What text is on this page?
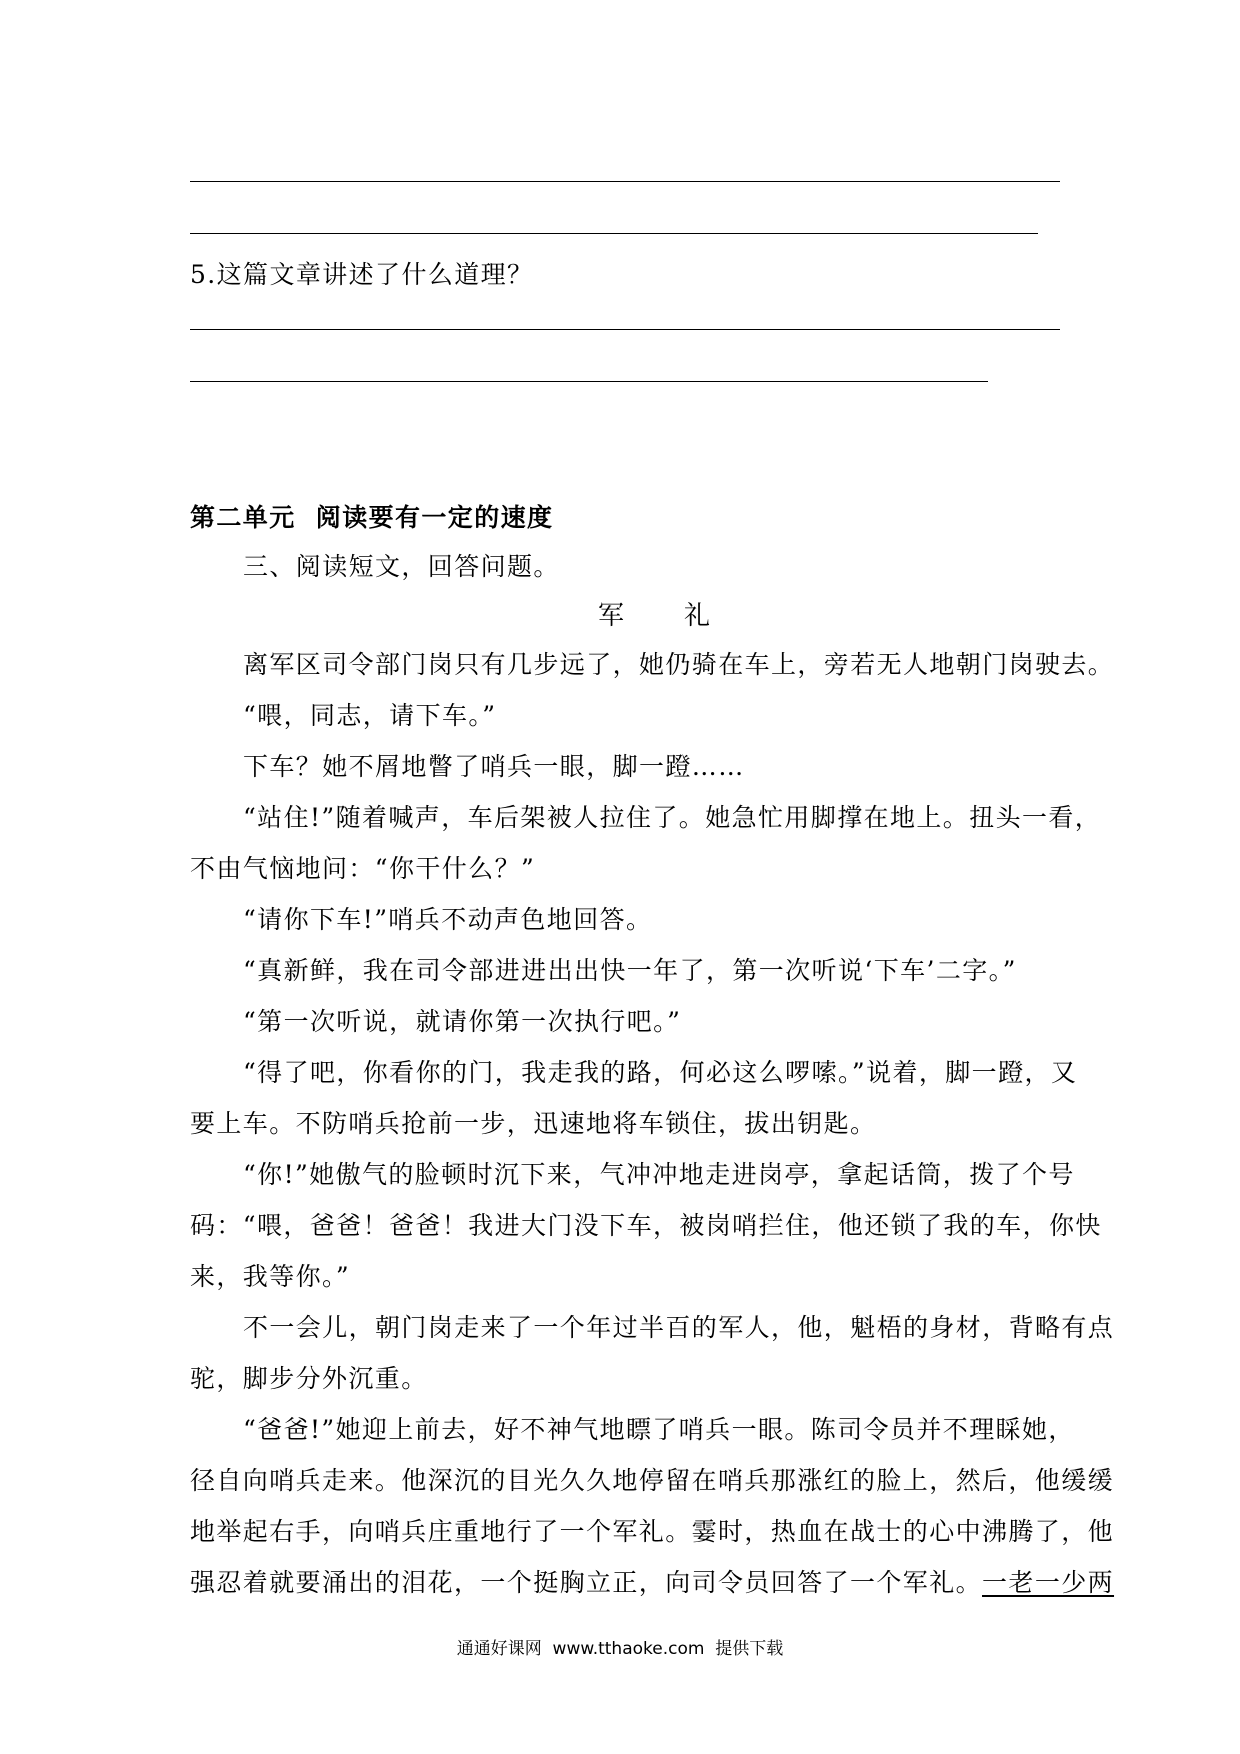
5.这篇文章讲述了什么道理？
第二单元  阅读要有一定的速度
三、阅读短文，回答问题。
军 礼
离军区司令部门岗只有几步远了，她仍骑在车上，旁若无人地朝门岗驶去。
“喂，同志，请下车。”
下车？她不屑地瞥了哨兵一眼，脚一蹬……
“站住!”随着喊声，车后架被人拉住了。她急忙用脚撑在地上。扭头一看，
不由气恼地问：“你干什么？”
“请你下车!”哨兵不动声色地回答。
“真新鲜，我在司令部进进出出快一年了，第一次听说‘下车’二字。”
“第一次听说，就请你第一次执行吧。”
“得了吧，你看你的门，我走我的路，何必这么啰嗦。”说着，脚一蹬，又
要上车。不防哨兵抢前一步，迅速地将车锁住，拔出钥匙。
“你!”她傲气的脸顿时沉下来，气冲冲地走进岗亭，拿起话筒，拨了个号
码：“喂，爸爸！爸爸！我进大门没下车，被岗哨拦住，他还锁了我的车，你快
来，我等你。”
不一会儿，朝门岗走来了一个年过半百的军人，他，魁梧的身材，背略有点
驼，脚步分外沉重。
“爸爸!”她迎上前去，好不神气地瞟了哨兵一眼。陈司令员并不理睬她，
径自向哨兵走来。他深沉的目光久久地停留在哨兵那涨红的脸上，然后，他缓缓
地举起右手，向哨兵庄重地行了一个军礼。霎时，热血在战士的心中沸腾了，他
强忍着就要涌出的泪花，一个挺胸立正，向司令员回答了一个军礼。一老一少两
通通好课网  www.tthaoke.com  提供下载
